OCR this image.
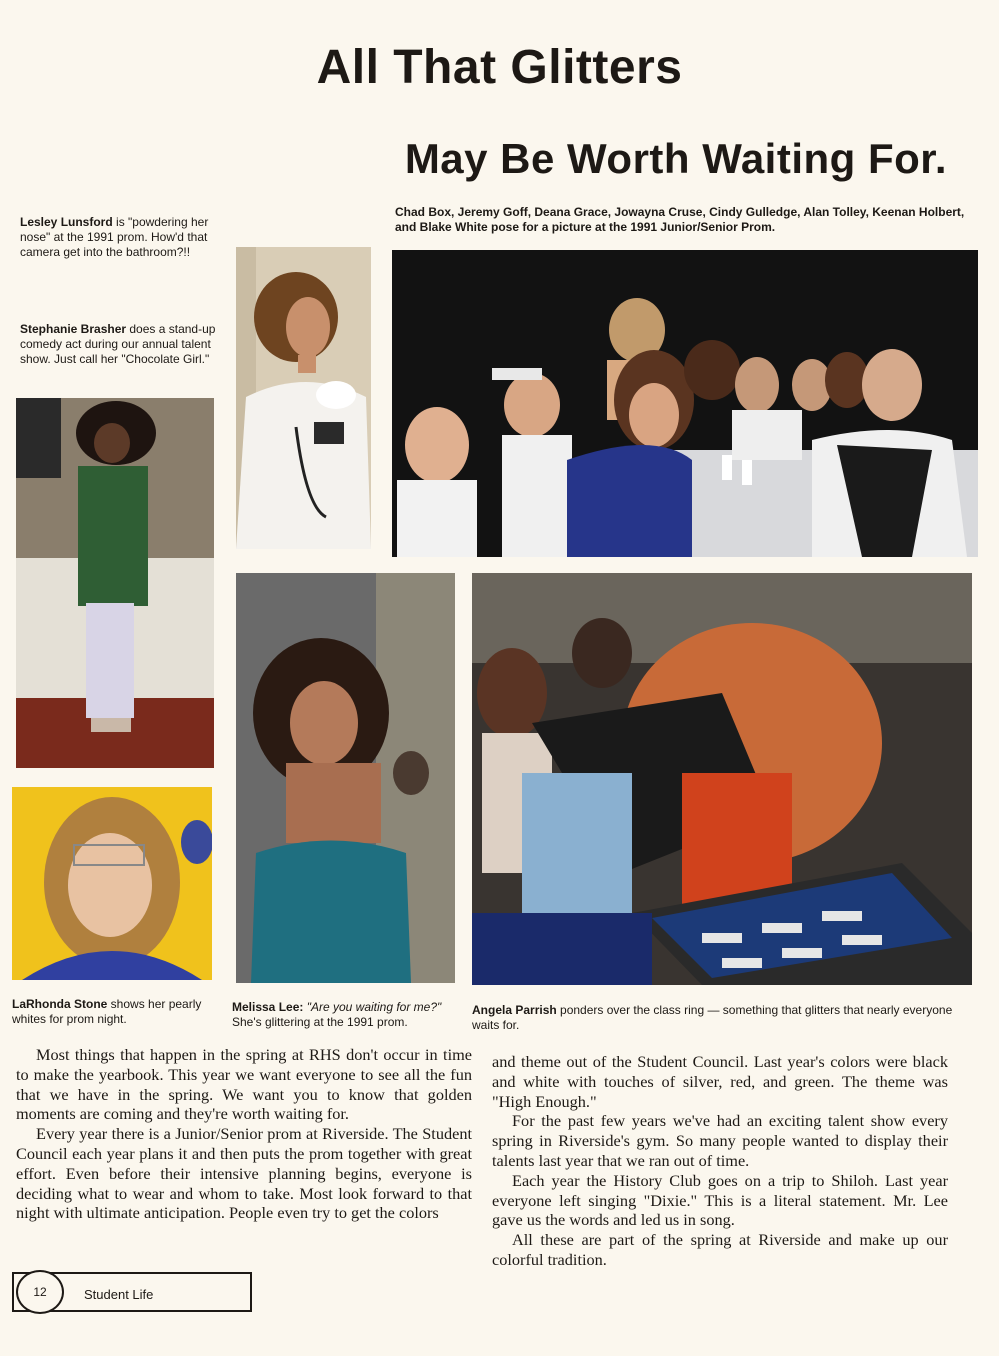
All That Glitters
May Be Worth Waiting For.
Lesley Lunsford is "powdering her nose" at the 1991 prom. How'd that camera get into the bathroom?!!
Stephanie Brasher does a stand-up comedy act during our annual talent show. Just call her "Chocolate Girl."
Chad Box, Jeremy Goff, Deana Grace, Jowayna Cruse, Cindy Gulledge, Alan Tolley, Keenan Holbert, and Blake White pose for a picture at the 1991 Junior/Senior Prom.
LaRhonda Stone shows her pearly whites for prom night.
Melissa Lee: "Are you waiting for me?" She's glittering at the 1991 prom.
Angela Parrish ponders over the class ring — something that glitters that nearly everyone waits for.

Most things that happen in the spring at RHS don't occur in time to make the yearbook. This year we want everyone to see all the fun that we have in the spring. We want you to know that golden moments are coming and they're worth waiting for.

Every year there is a Junior/Senior prom at Riverside. The Student Council each year plans it and then puts the prom together with great effort. Even before their intensive planning begins, everyone is deciding what to wear and whom to take. Most look forward to that night with ultimate anticipation. People even try to get the colors

and theme out of the Student Council. Last year's colors were black and white with touches of silver, red, and green. The theme was "High Enough."

For the past few years we've had an exciting talent show every spring in Riverside's gym. So many people wanted to display their talents last year that we ran out of time.

Each year the History Club goes on a trip to Shiloh. Last year everyone left singing "Dixie." This is a literal statement. Mr. Lee gave us the words and led us in song.

All these are part of the spring at Riverside and make up our colorful tradition.

12	Student Life
